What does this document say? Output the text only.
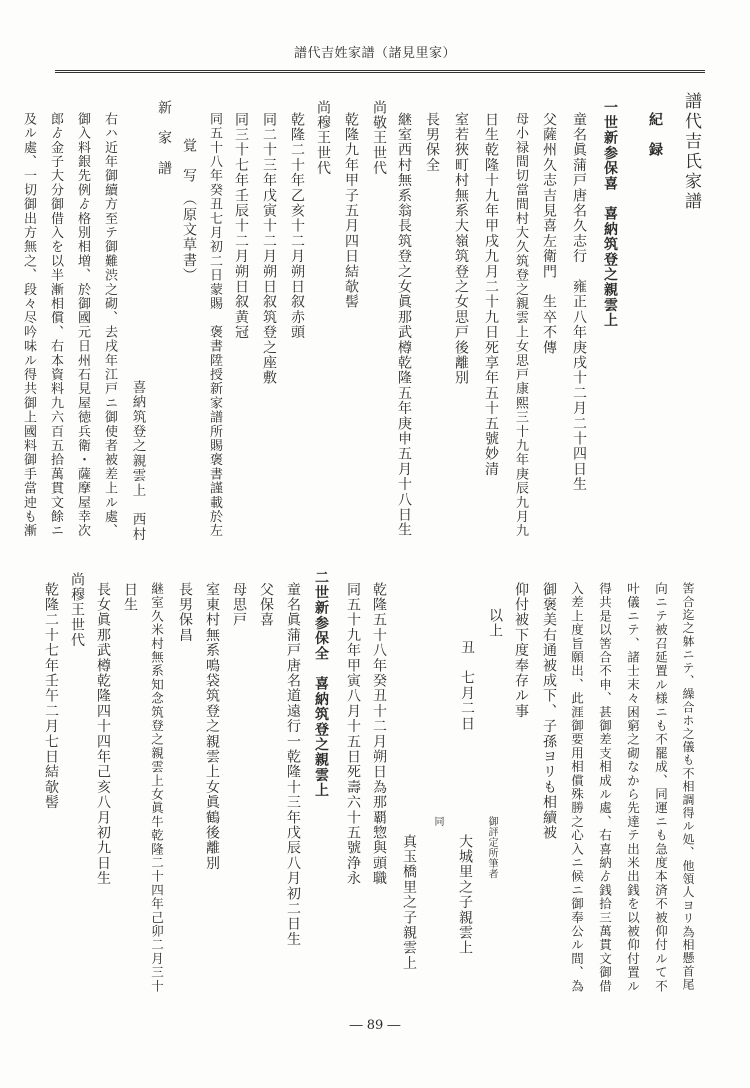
譜代吉姓家譜（諸見里家）
譜代吉氏家譜
紀　録
一世新参保喜　喜納筑登之親雲上
童名眞蒲戸唐名久志行　雍正八年庚戌十二月二十四日生
父薩州久志吉見喜左衛門　生卒不傳
母小禄間切當間村大久筑登之親雲上女思戸康熙三十九年庚辰九月九
日生乾隆十九年甲戌九月二十九日死享年五十五號妙清
室若狹町村無系大嶺筑登之女思戸後離別
長男保全
継室西村無系翁長筑登之女眞那武樽乾隆五年庚申五月十八日生
尚敬王世代
乾隆九年甲子五月四日結欹髻
尚穆王世代
乾隆二十年乙亥十二月朔日叙赤頭
同二十三年戊寅十二月朔日叙筑登之座敷
同三十七年壬辰十二月朔日叙黄冠
同五十八年癸丑七月初二日蒙賜　褒書陞授新家譜所賜褒書謹載於左
覚　写　（原文草書）
新　家　譜
喜納筑登之親雲上　西村
右ハ近年御續方至テ御難渋之砌、去戌年江戸ニ御使者被差上ル處、
御入料銀先例ゟ格別相増、於御國元日州石見屋徳兵衛・薩摩屋幸次
郎ゟ金子大分御借入を以半漸相償、右本資料九六百五拾萬貫文餘ニ
及ル處、一切御出方無之、段々尽吟味ル得共御上國料御手當迚も漸
筈合迄之躰ニテ、繰合ホ之儀も不相調得ル処、他領人ヨリ為相懸首尾
向ニテ被召延置ル様ニも不罷成、同運ニも急度本済不被仰付ルて不
叶儀ニテ、諸士末々困窮之砌なから先達テ出米出銭を以被仰付置ル
得共是以筈合不申、甚御差支相成ル處、右喜納ゟ銭拾三萬貫文御借
入差上度旨願出、此涯御要用相償殊勝之心入ニ候ニ御奉公ル間、為
御褒美右通被成下、子孫ヨリも相續被
仰付被下度奉存ル事
以上
丑　七月二日
御評定所筆者
大城里之子親雲上
同
真玉橋里之子親雲上
乾隆五十八年癸丑十二月朔日為那覇惣與頭職
同五十九年甲寅八月十五日死壽六十五號浄永
二世新参保全　喜納筑登之親雲上
童名眞蒲戸唐名道遠行一乾隆十三年戊辰八月初二日生
父保喜
母思戸
室東村無系鳴袋筑登之親雲上女眞鶴後離別
長男保昌
継室久米村無系知念筑登之親雲上女眞牛乾隆二十四年己卯二月三十
日生
長女眞那武樽乾隆四十四年己亥八月初九日生
尚穆王世代
乾隆二十七年壬午二月七日結欹髻
― 89 ―
